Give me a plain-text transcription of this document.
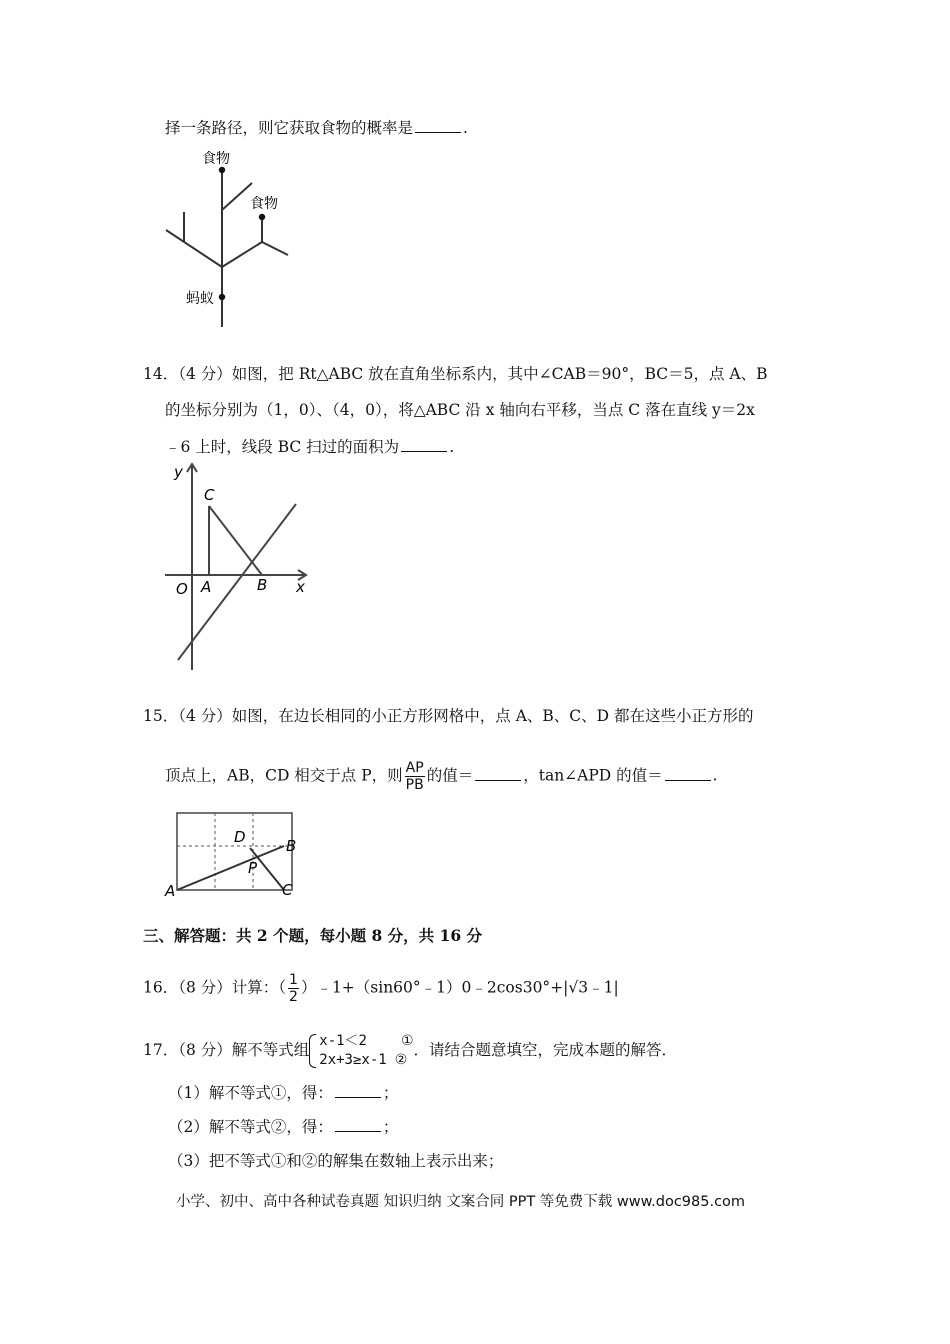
择一条路径，则它获取食物的概率是	.
食物
食物
蚂蚁
14．（4 分）如图，把 Rt△ABC 放在直角坐标系内，其中∠CAB＝90°，BC＝5，点 A、B
的坐标分别为（1，0）、（4，0），将△ABC 沿 x 轴向右平移，当点 C 落在直线 y＝2x
﹣6 上时，线段 BC 扫过的面积为	.
y
x
O A	B
C
15．（4 分）如图，在边长相同的小正方形网格中，点 A、B、C、D 都在这些小正方形的
顶点上，AB，CD 相交于点 P，则 $\frac{AP}{PB}$ 的值＝	，tan∠APD 的值＝	.
A
B
C
D
P
三、解答题：共 2 个题，每小题 8 分，共 16 分
16．（8 分）计算：（ $\frac{1}{2}$ ）﹣1+（sin60°﹣1）0﹣2cos30°+|√3﹣1|
17．（8 分）解不等式组 x-1＜2 ①
2x+3≥x-1 ②
．请结合题意填空，完成本题的解答．
（1）解不等式①，得：	；
（2）解不等式②，得：	；
（3）把不等式①和②的解集在数轴上表示出来；
小学、初中、高中各种试卷真题 知识归纳 文案合同 PPT 等免费下载 www.doc985.com
